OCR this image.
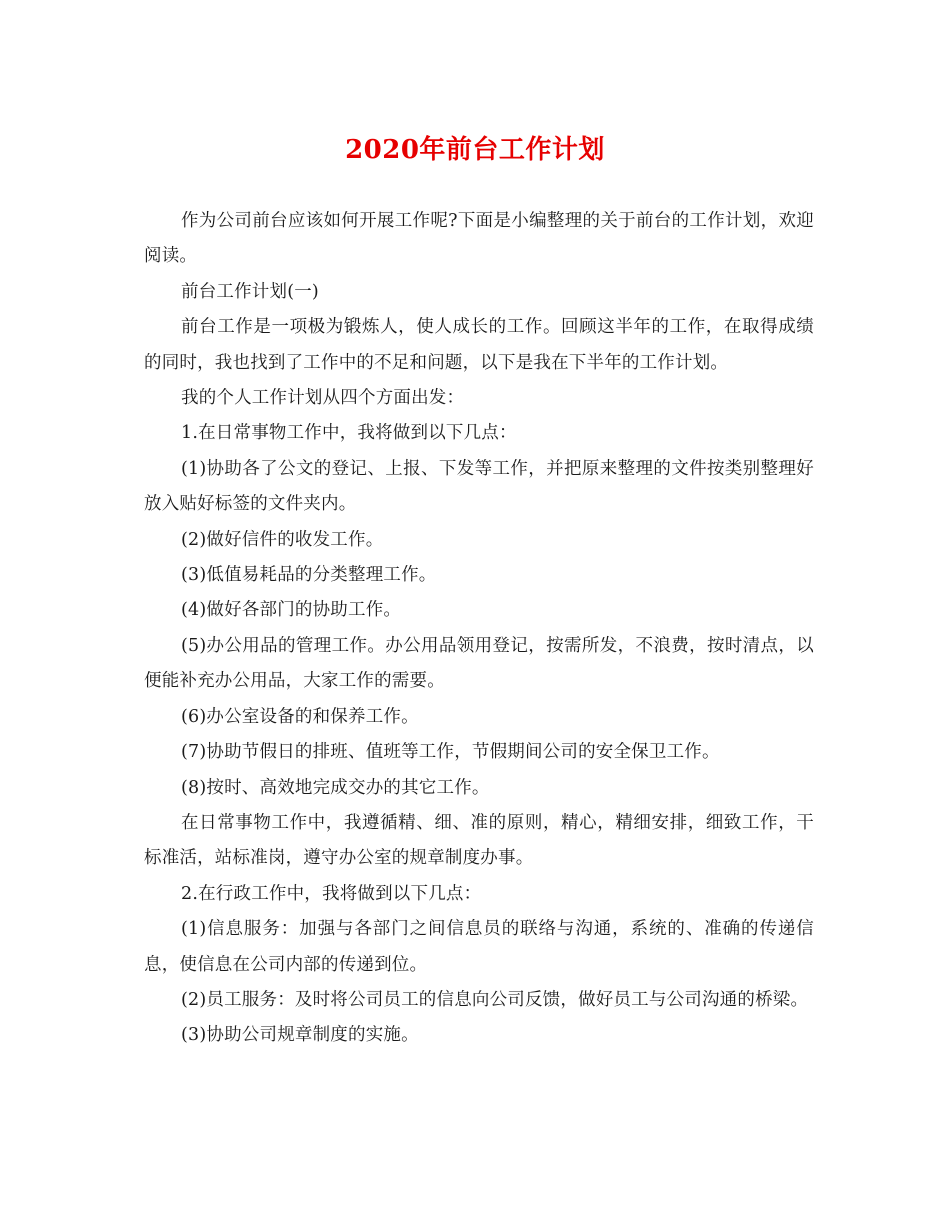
2020年前台工作计划

作为公司前台应该如何开展工作呢?下面是小编整理的关于前台的工作计划，欢迎阅读。

前台工作计划(一)

前台工作是一项极为锻炼人，使人成长的工作。回顾这半年的工作，在取得成绩的同时，我也找到了工作中的不足和问题，以下是我在下半年的工作计划。

我的个人工作计划从四个方面出发：

1.在日常事物工作中，我将做到以下几点：

(1)协助各了公文的登记、上报、下发等工作，并把原来整理的文件按类别整理好放入贴好标签的文件夹内。

(2)做好信件的收发工作。

(3)低值易耗品的分类整理工作。

(4)做好各部门的协助工作。

(5)办公用品的管理工作。办公用品领用登记，按需所发，不浪费，按时清点，以便能补充办公用品，大家工作的需要。

(6)办公室设备的和保养工作。

(7)协助节假日的排班、值班等工作，节假期间公司的安全保卫工作。

(8)按时、高效地完成交办的其它工作。

在日常事物工作中，我遵循精、细、准的原则，精心，精细安排，细致工作，干标准活，站标准岗，遵守办公室的规章制度办事。

2.在行政工作中，我将做到以下几点：

(1)信息服务：加强与各部门之间信息员的联络与沟通，系统的、准确的传递信息，使信息在公司内部的传递到位。

(2)员工服务：及时将公司员工的信息向公司反馈，做好员工与公司沟通的桥梁。

(3)协助公司规章制度的实施。
